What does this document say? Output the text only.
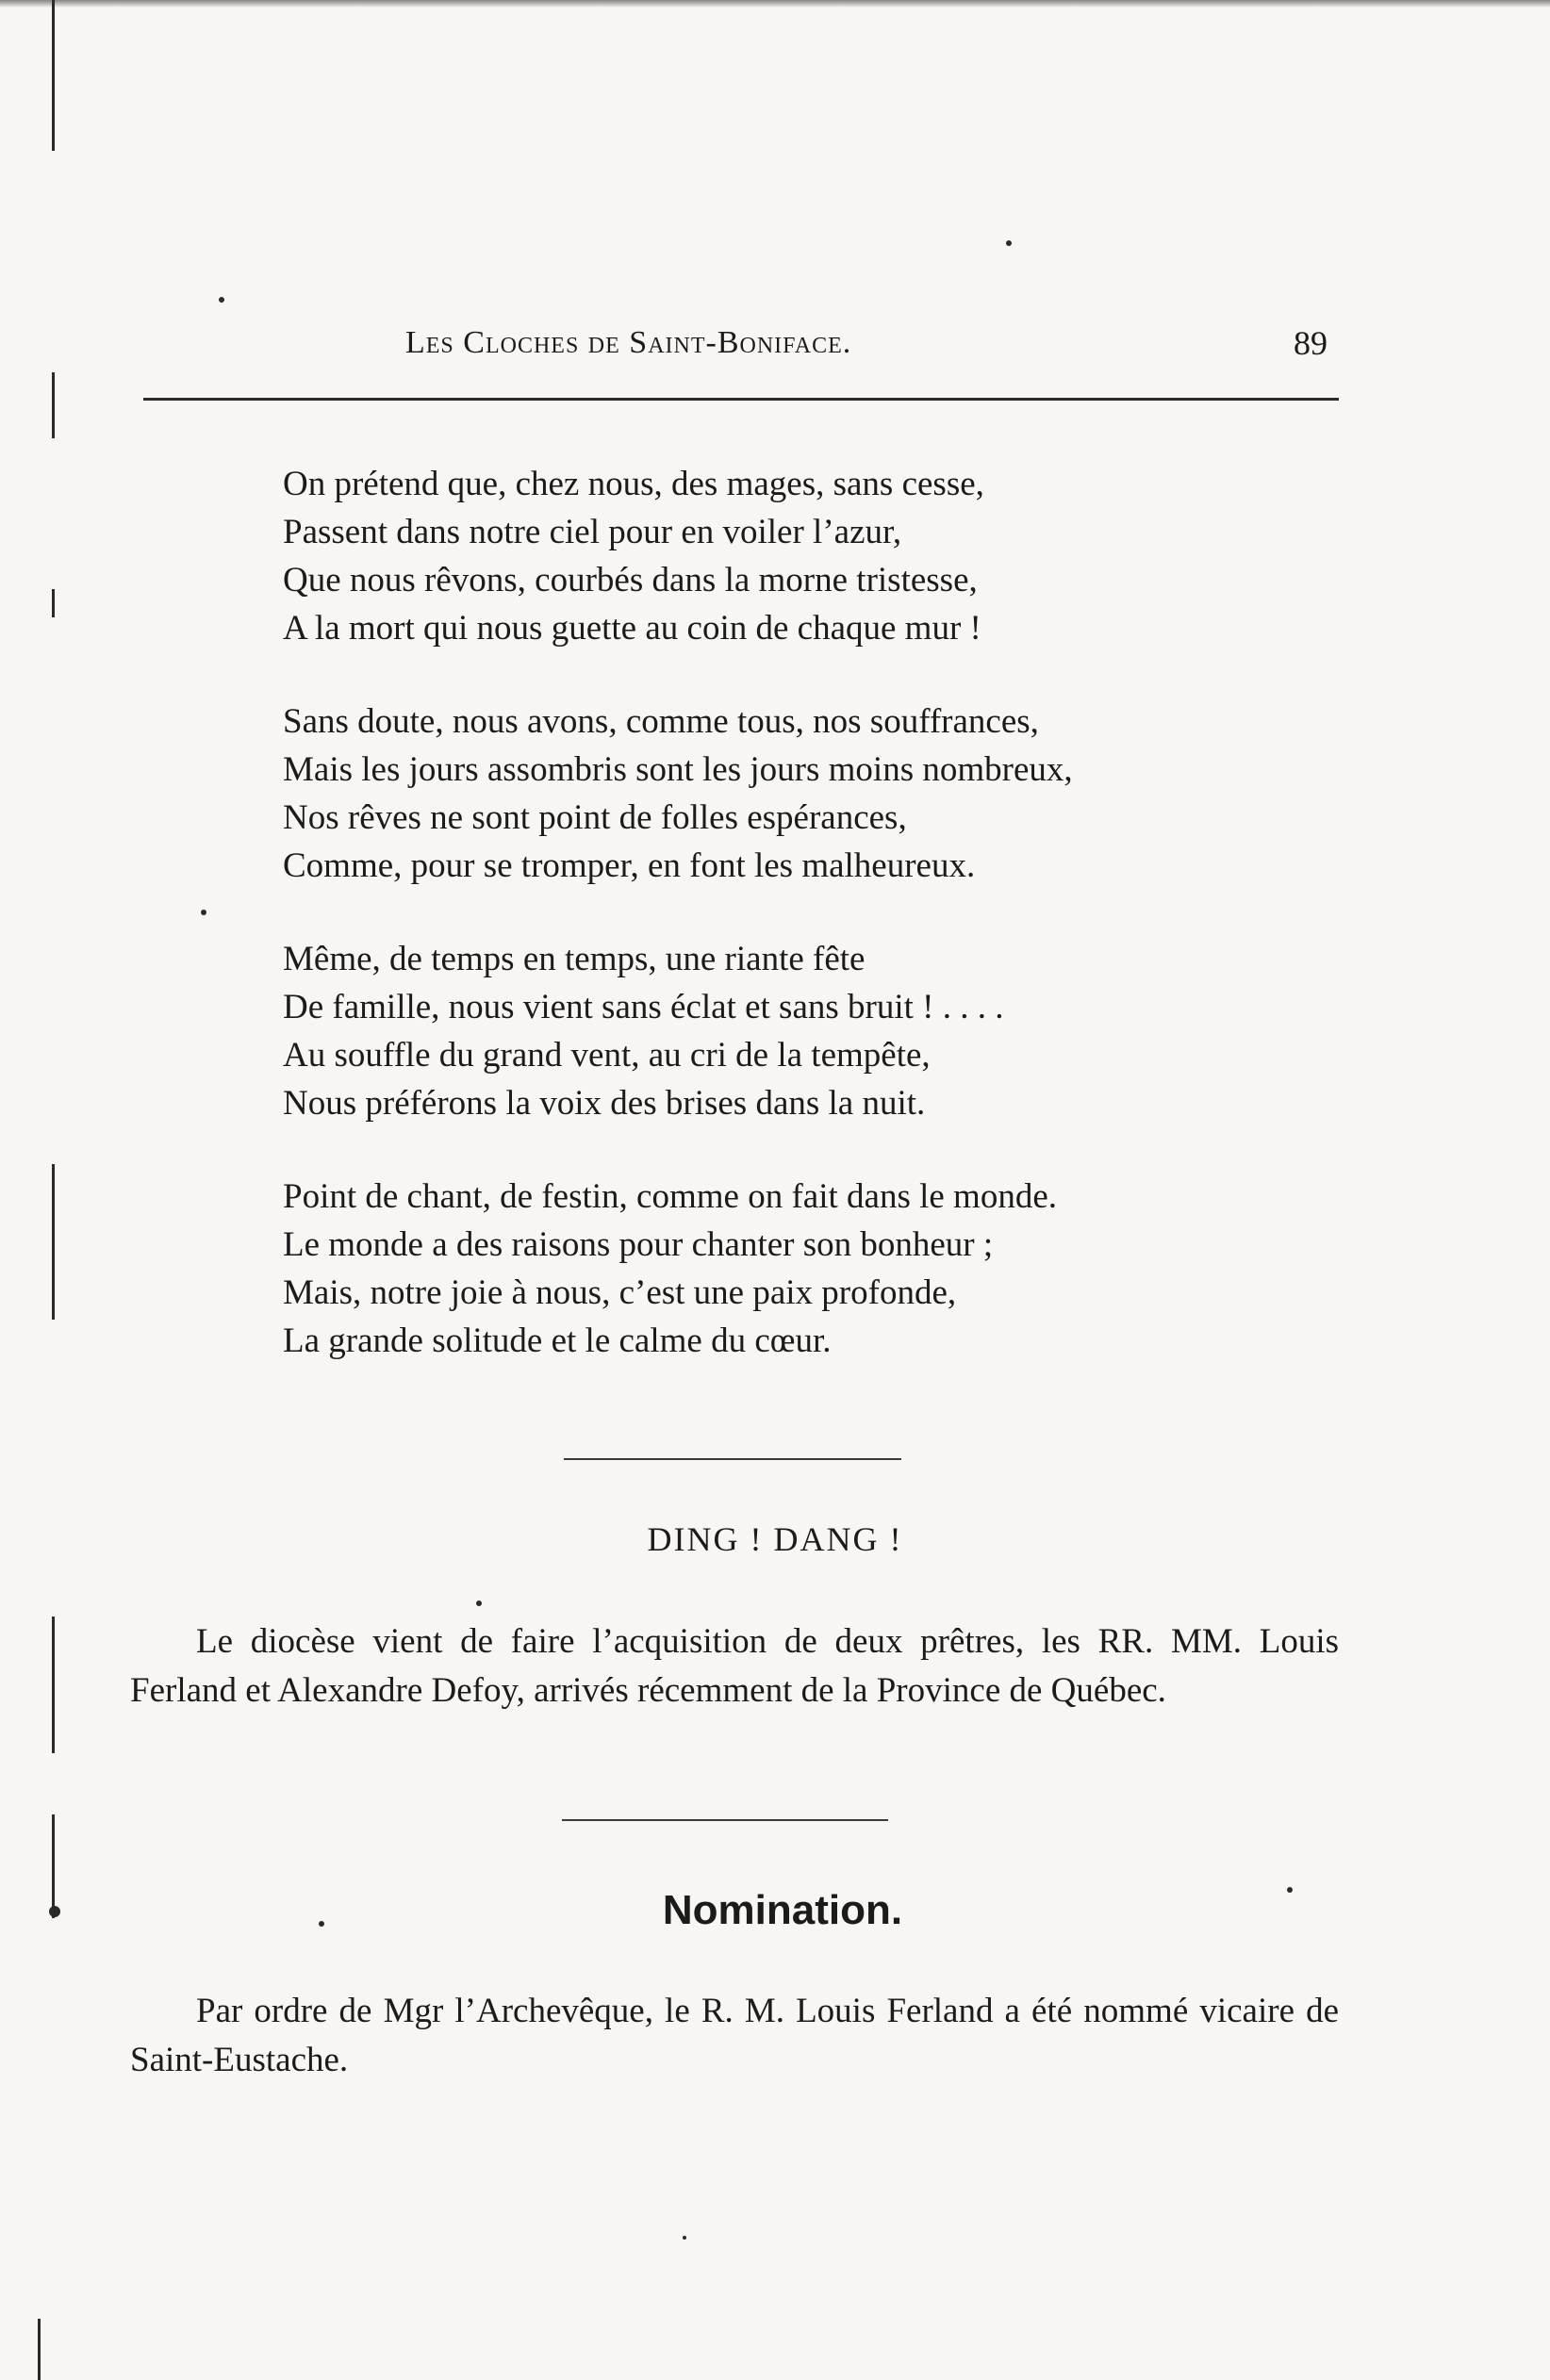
Les Cloches de Saint-Boniface.	89
On prétend que, chez nous, des mages, sans cesse,
Passent dans notre ciel pour en voiler l’azur,
Que nous rêvons, courbés dans la morne tristesse,
A la mort qui nous guette au coin de chaque mur !
Sans doute, nous avons, comme tous, nos souffrances,
Mais les jours assombris sont les jours moins nombreux,
Nos rêves ne sont point de folles espérances,
Comme, pour se tromper, en font les malheureux.
Même, de temps en temps, une riante fête
De famille, nous vient sans éclat et sans bruit ! . . . .
Au souffle du grand vent, au cri de la tempête,
Nous préférons la voix des brises dans la nuit.
Point de chant, de festin, comme on fait dans le monde.
Le monde a des raisons pour chanter son bonheur ;
Mais, notre joie à nous, c’est une paix profonde,
La grande solitude et le calme du cœur.
DING ! DANG !
Le diocèse vient de faire l’acquisition de deux prêtres, les RR. MM. Louis Ferland et Alexandre Defoy, arrivés récemment de la Province de Québec.
Nomination.
Par ordre de Mgr l’Archevêque, le R. M. Louis Ferland a été nommé vicaire de Saint-Eustache.
